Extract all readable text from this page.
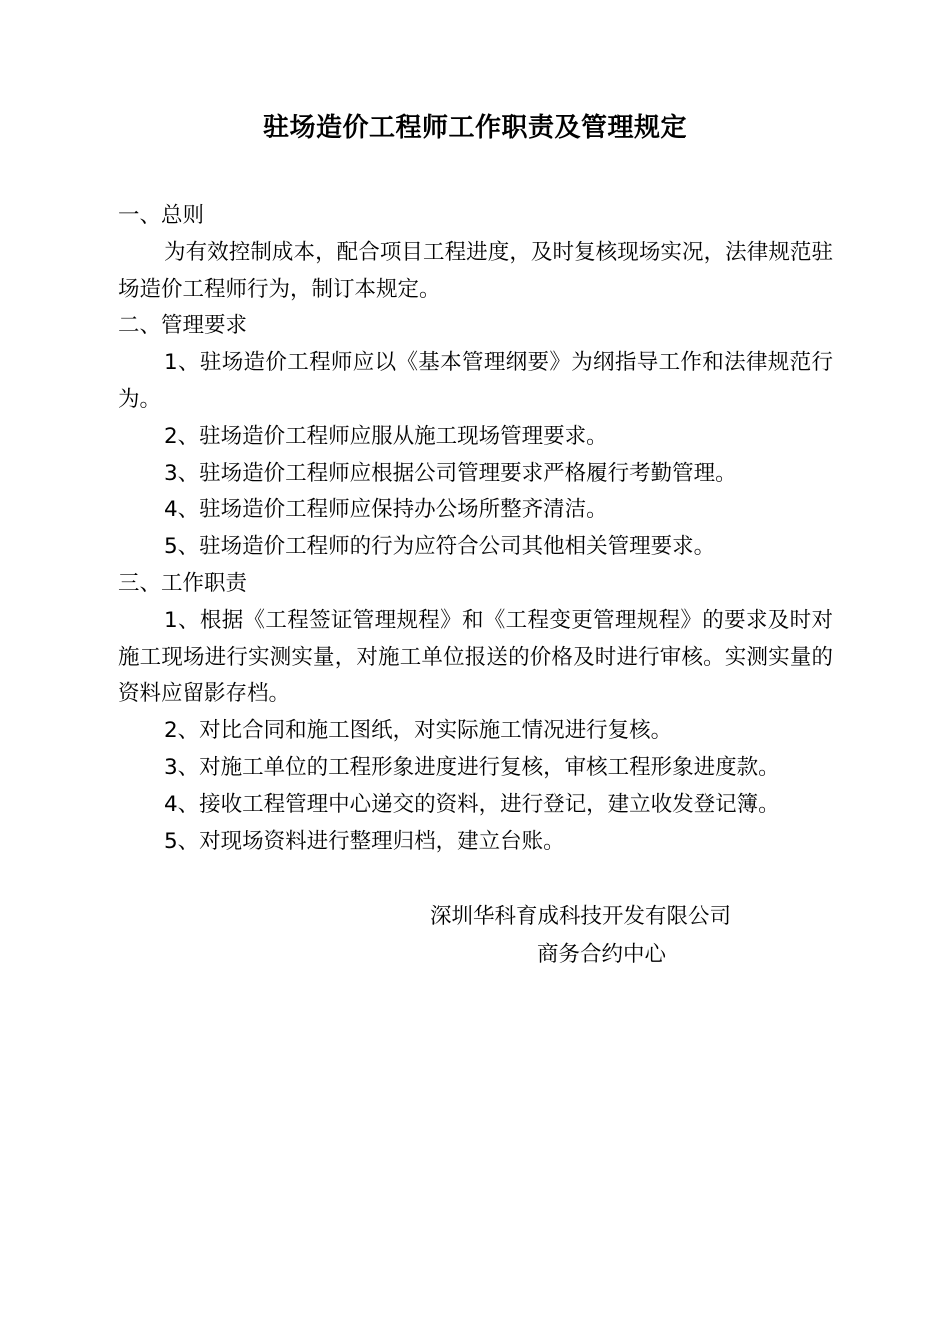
驻场造价工程师工作职责及管理规定

一、总则

为有效控制成本，配合项目工程进度，及时复核现场实况，法律规范驻场造价工程师行为，制订本规定。

二、管理要求

1、驻场造价工程师应以《基本管理纲要》为纲指导工作和法律规范行为。

2、驻场造价工程师应服从施工现场管理要求。

3、驻场造价工程师应根据公司管理要求严格履行考勤管理。

4、驻场造价工程师应保持办公场所整齐清洁。

5、驻场造价工程师的行为应符合公司其他相关管理要求。

三、工作职责

1、根据《工程签证管理规程》和《工程变更管理规程》的要求及时对施工现场进行实测实量，对施工单位报送的价格及时进行审核。实测实量的资料应留影存档。

2、对比合同和施工图纸，对实际施工情况进行复核。

3、对施工单位的工程形象进度进行复核，审核工程形象进度款。

4、接收工程管理中心递交的资料，进行登记，建立收发登记簿。

5、对现场资料进行整理归档，建立台账。

深圳华科育成科技开发有限公司
商务合约中心
